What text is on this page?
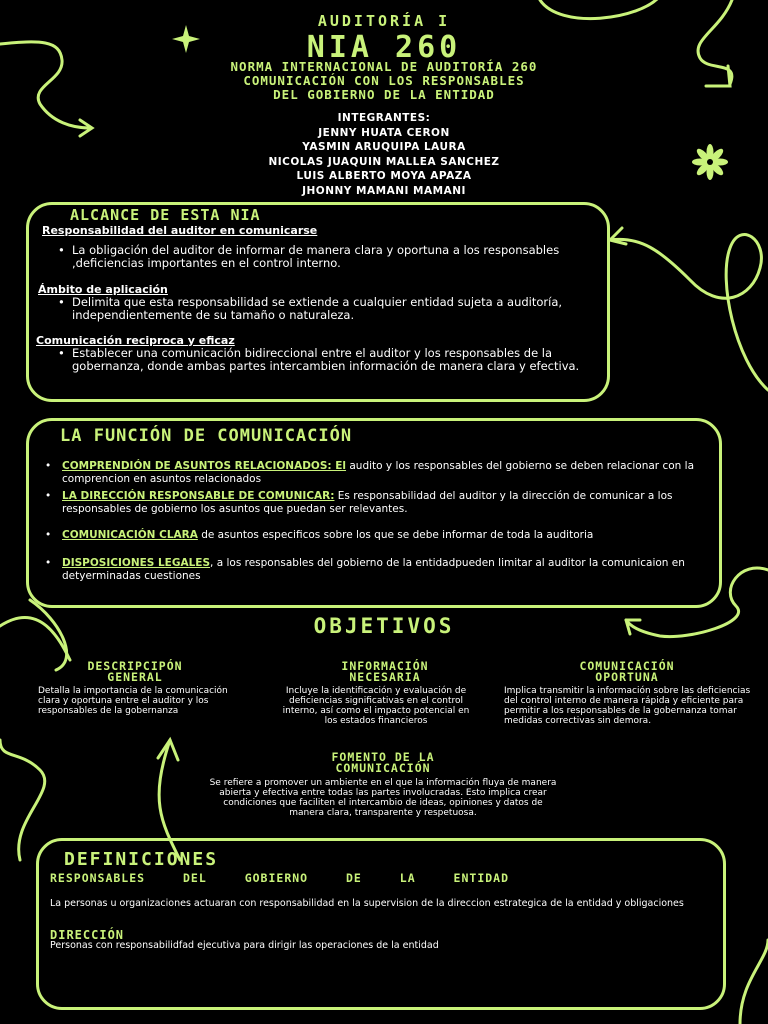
AUDITORÍA I
NIA 260
NORMA INTERNACIONAL DE AUDITORÍA 260
COMUNICACIÓN CON LOS RESPONSABLES
DEL GOBIERNO DE LA ENTIDAD
INTEGRANTES:
JENNY HUATA CERON
YASMIN ARUQUIPA LAURA
NICOLAS JUAQUIN MALLEA SANCHEZ
LUIS ALBERTO MOYA APAZA
JHONNY MAMANI MAMANI
ALCANCE DE ESTA NIA
Responsabilidad del auditor en comunicarse
• La obligación del auditor de informar de manera clara y oportuna a los responsables ,deficiencias importantes en el control interno.
Ámbito de aplicación
• Delimita que esta responsabilidad se extiende a cualquier entidad sujeta a auditoría, independientemente de su tamaño o naturaleza.
Comunicación reciproca y eficaz
• Establecer una comunicación bidireccional entre el auditor y los responsables de la gobernanza, donde ambas partes intercambien información de manera clara y efectiva.
LA FUNCIÓN DE COMUNICACIÓN
• COMPRENDIÓN DE ASUNTOS RELACIONADOS: El audito y los responsables del gobierno se deben relacionar con la comprencion en asuntos relacionados
• LA DIRECCIÓN RESPONSABLE DE COMUNICAR: Es responsabilidad del auditor y la dirección de comunicar a los responsables de gobierno los asuntos que puedan ser relevantes.
• COMUNICACIÓN CLARA de asuntos especificos sobre los que se debe informar de toda la auditoria
• DISPOSICIONES LEGALES, a los responsables del gobierno de la entidadpueden limitar al auditor la comunicaion en detyerminadas cuestiones
OBJETIVOS
DESCRIPCIPÓN
GENERAL
Detalla la importancia de la comunicación clara y oportuna entre el auditor y los responsables de la gobernanza
INFORMACIÓN
NECESARIA
Incluye la identificación y evaluación de deficiencias significativas en el control interno, así como el impacto potencial en los estados financieros
COMUNICACIÓN
OPORTUNA
Implica transmitir la información sobre las deficiencias del control interno de manera rápida y eficiente para permitir a los responsables de la gobernanza tomar medidas correctivas sin demora.
FOMENTO DE LA
COMUNICACIÓN
Se refiere a promover un ambiente en el que la información fluya de manera abierta y efectiva entre todas las partes involucradas. Esto implica crear condiciones que faciliten el intercambio de ideas, opiniones y datos de manera clara, transparente y respetuosa.
DEFINICIONES
RESPONSABLES DEL GOBIERNO DE LA ENTIDAD
La personas u organizaciones actuaran con responsabilidad en la supervision de la direccion estrategica de la entidad y obligaciones
DIRECCIÓN
Personas con responsabilidfad ejecutiva para dirigir las operaciones de la entidad
